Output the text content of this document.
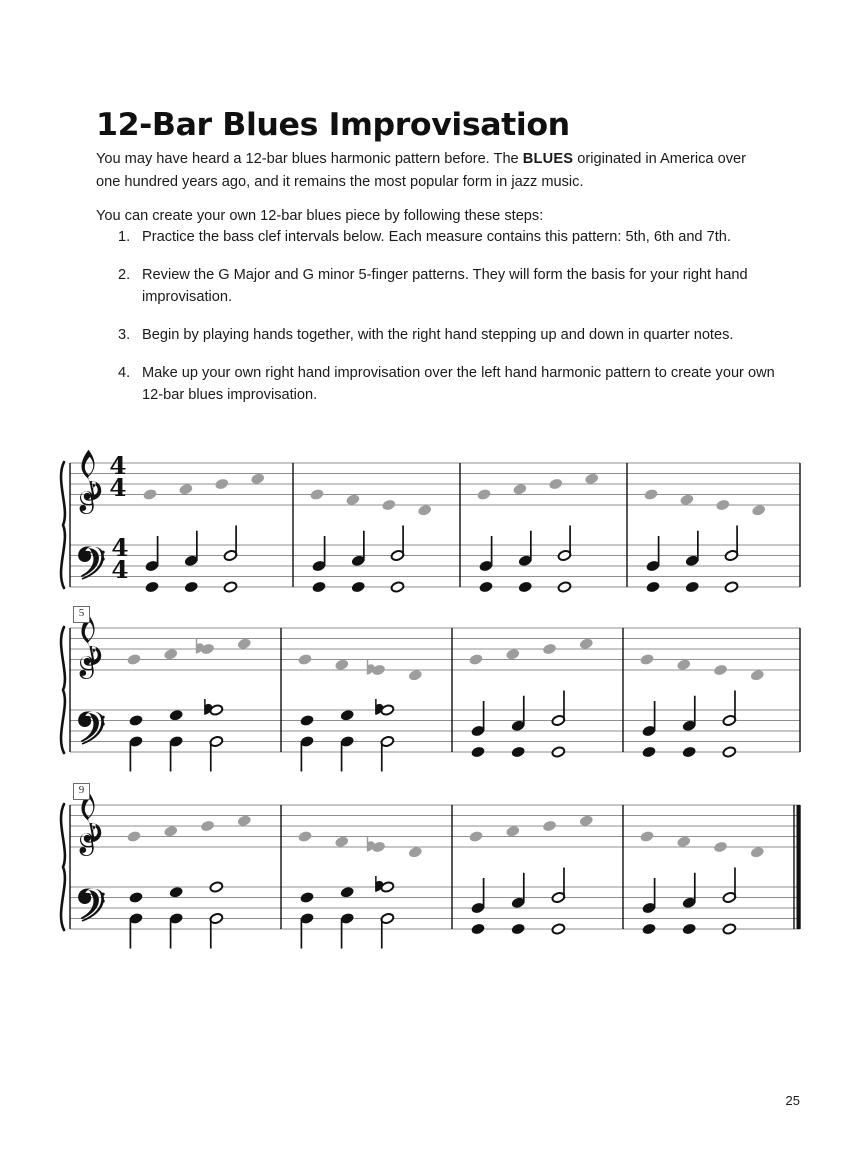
12-Bar Blues Improvisation

You may have heard a 12-bar blues harmonic pattern before. The BLUES originated in America over one hundred years ago, and it remains the most popular form in jazz music.

You can create your own 12-bar blues piece by following these steps:

1. Practice the bass clef intervals below. Each measure contains this pattern: 5th, 6th and 7th.
2. Review the G Major and G minor 5-finger patterns. They will form the basis for your right hand improvisation.
3. Begin by playing hands together, with the right hand stepping up and down in quarter notes.
4. Make up your own right hand improvisation over the left hand harmonic pattern to create your own 12-bar blues improvisation.
4
4
4
4
5
9
25
